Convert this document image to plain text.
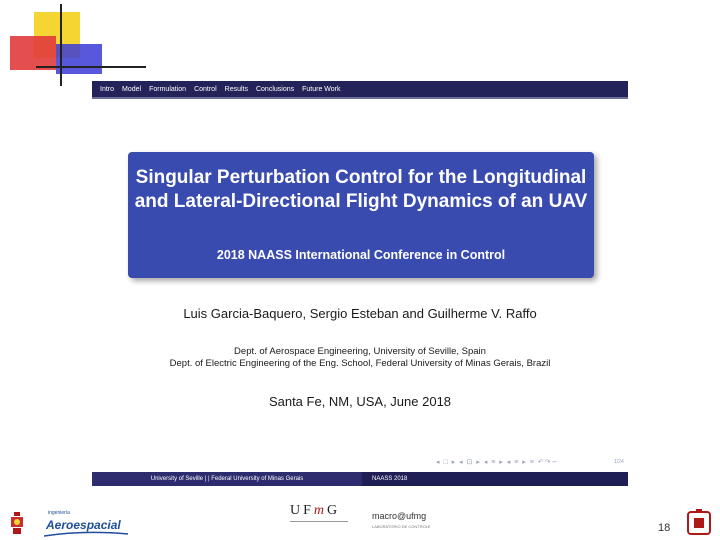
Intro Model Formulation Control Results Conclusions Future Work
Singular Perturbation Control for the Longitudinal and Lateral-Directional Flight Dynamics of an UAV
2018 NAASS International Conference in Control
Luis Garcia-Baquero, Sergio Esteban and Guilherme V. Raffo
Dept. of Aerospace Engineering, University of Seville, Spain
Dept. of Electric Engineering of the Eng. School, Federal University of Minas Gerais, Brazil
Santa Fe, NM, USA, June 2018
◂ □ ▸ ◂ ⊡ ▸ ◂ ≡ ▸ ◂ ≡ ▸ ≡ ↶↷∽	1/24
University of Seville | | Federal University of Minas Gerais	NAASS 2018
ingeniería
Aeroespacial
UFmG	macro@ufmg
LABORATÓRIO DE CONTROLE	18
